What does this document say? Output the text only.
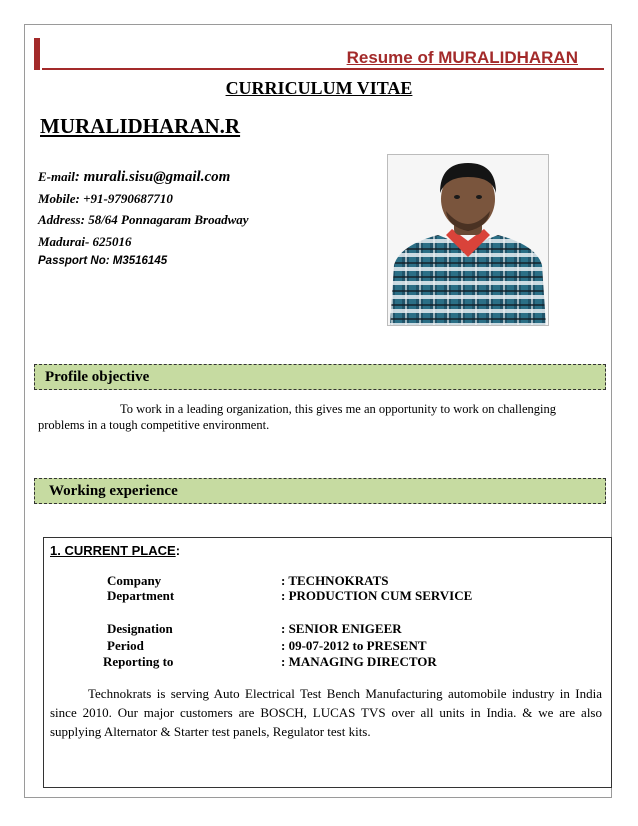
Resume of MURALIDHARAN
CURRICULUM VITAE
MURALIDHARAN.R
E-mail: murali.sisu@gmail.com
Mobile: +91-9790687710
Address: 58/64 Ponnagaram Broadway
Madurai- 625016
Passport No: M3516145
Profile objective
To work in a leading organization, this gives me an opportunity to work on challenging problems in a tough competitive environment.
Working experience
1. CURRENT PLACE:
Company	: TECHNOKRATS
Department	: PRODUCTION CUM SERVICE
Designation	: SENIOR ENIGEER
Period	: 09-07-2012 to PRESENT
Reporting to	: MANAGING DIRECTOR
Technokrats is serving Auto Electrical Test Bench Manufacturing automobile industry in India since 2010. Our major customers are BOSCH, LUCAS TVS over all units in India. & we are also supplying Alternator & Starter test panels, Regulator test kits.
